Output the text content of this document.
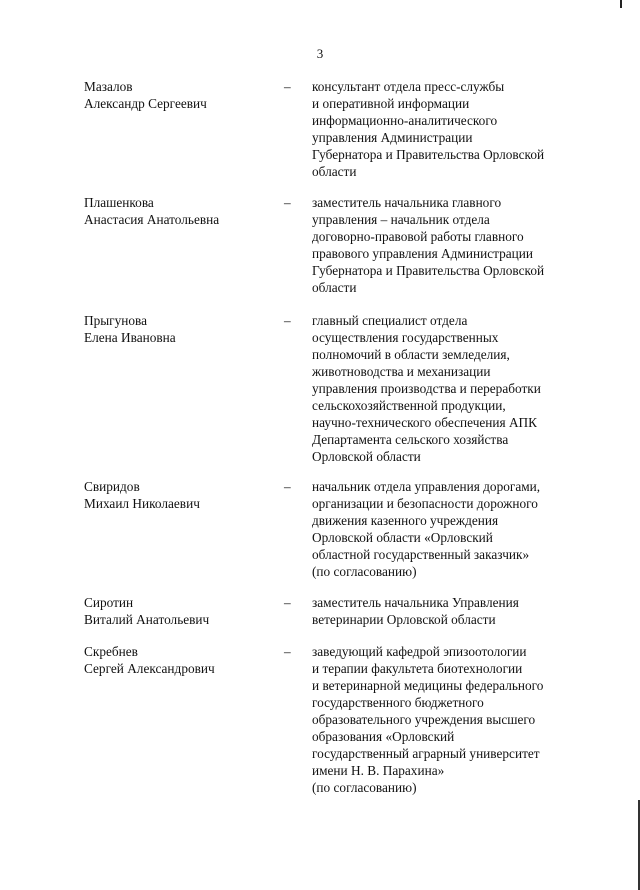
3
Мазалов
Александр Сергеевич
– консультант отдела пресс-службы
и оперативной информации
информационно-аналитического
управления Администрации
Губернатора и Правительства Орловской
области
Плашенкова
Анастасия Анатольевна
– заместитель начальника главного
управления – начальник отдела
договорно-правовой работы главного
правового управления Администрации
Губернатора и Правительства Орловской
области
Прыгунова
Елена Ивановна
– главный специалист отдела
осуществления государственных
полномочий в области земледелия,
животноводства и механизации
управления производства и переработки
сельскохозяйственной продукции,
научно-технического обеспечения АПК
Департамента сельского хозяйства
Орловской области
Свиридов
Михаил Николаевич
– начальник отдела управления дорогами,
организации и безопасности дорожного
движения казенного учреждения
Орловской области «Орловский
областной государственный заказчик»
(по согласованию)
Сиротин
Виталий Анатольевич
– заместитель начальника Управления
ветеринарии Орловской области
Скребнев
Сергей Александрович
– заведующий кафедрой эпизоотологии
и терапии факультета биотехнологии
и ветеринарной медицины федерального
государственного бюджетного
образовательного учреждения высшего
образования «Орловский
государственный аграрный университет
имени Н. В. Парахина»
(по согласованию)
